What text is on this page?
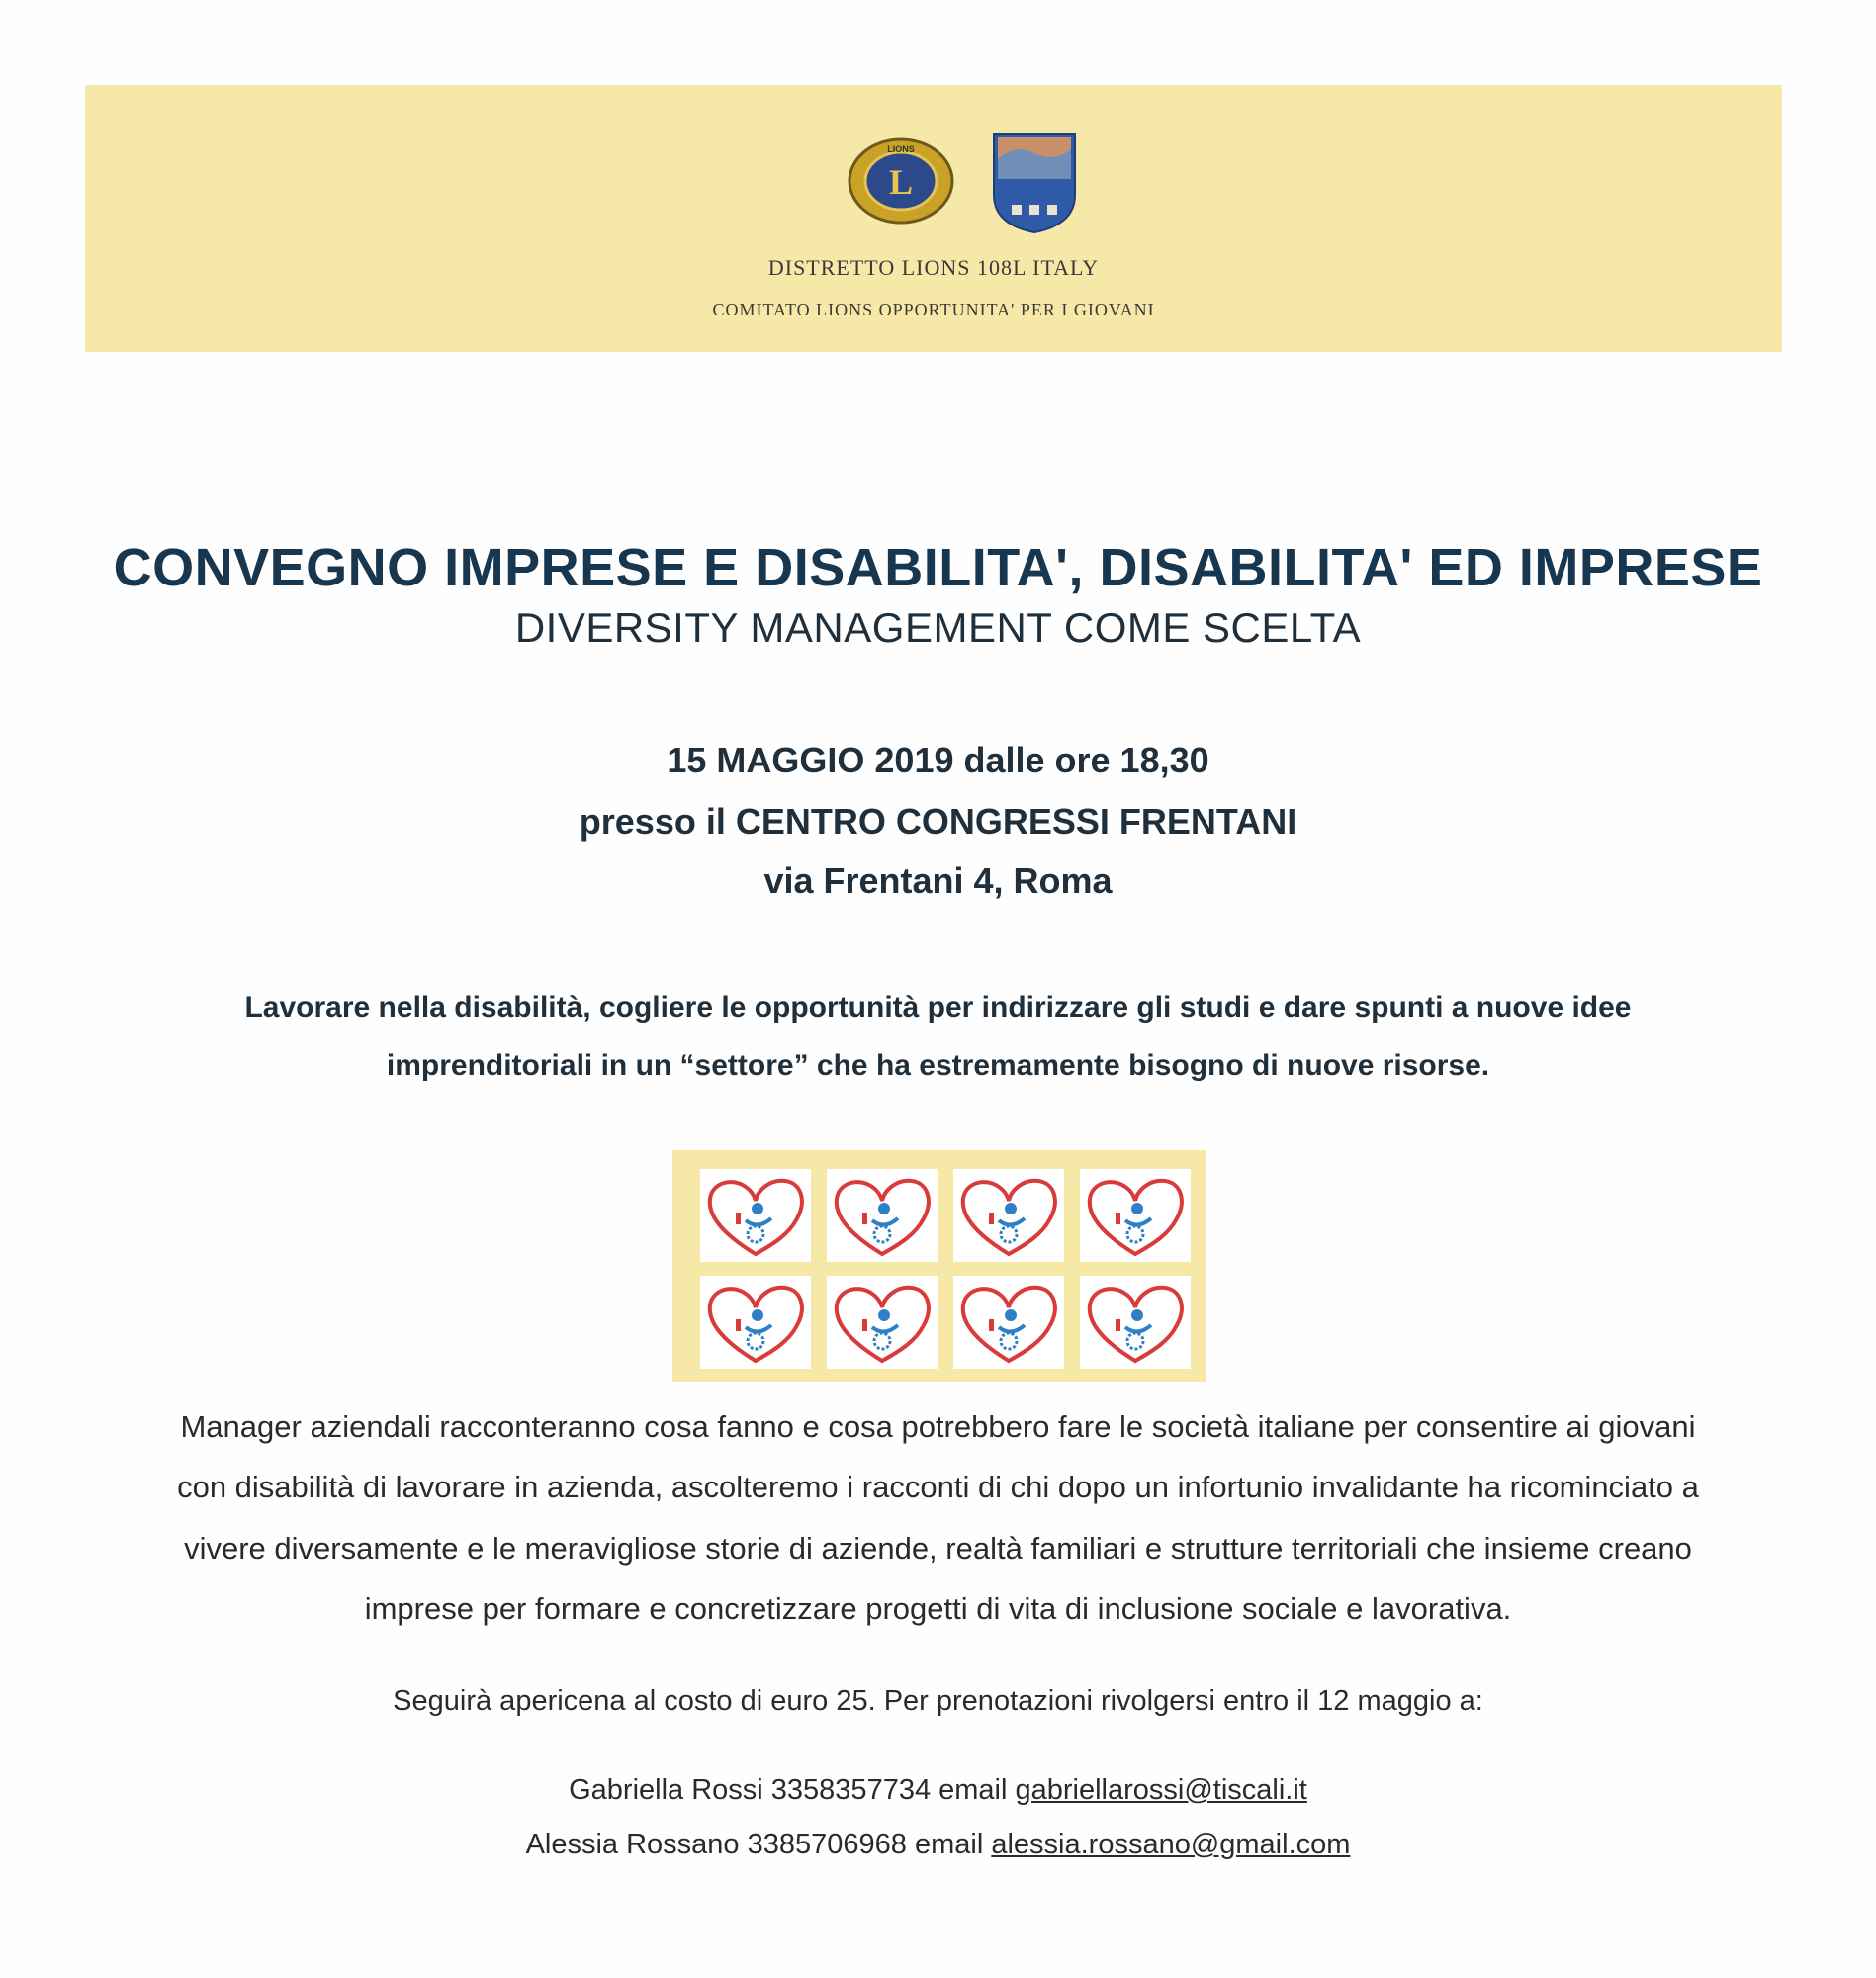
L
LIONS
DISTRETTO LIONS 108L ITALY
COMITATO LIONS OPPORTUNITA' PER I GIOVANI
CONVEGNO IMPRESE E DISABILITA', DISABILITA' ED IMPRESE
DIVERSITY MANAGEMENT COME SCELTA
15 MAGGIO 2019 dalle ore 18,30
presso il CENTRO CONGRESSI FRENTANI
via Frentani 4, Roma
Lavorare nella disabilità, cogliere le opportunità per indirizzare gli studi e dare spunti a nuove idee
imprenditoriali in un “settore” che ha estremamente bisogno di nuove risorse.
Manager aziendali racconteranno cosa fanno e cosa potrebbero fare le società italiane per consentire ai giovani
con disabilità di lavorare in azienda, ascolteremo i racconti di chi dopo un infortunio invalidante ha ricominciato a
vivere diversamente e le meravigliose storie di aziende, realtà familiari e strutture territoriali che insieme creano
imprese per formare e concretizzare progetti di vita di inclusione sociale e lavorativa.
Seguirà apericena al costo di euro 25. Per prenotazioni rivolgersi entro il 12 maggio a:
Gabriella Rossi 3358357734 email gabriellarossi@tiscali.it
Alessia Rossano 3385706968 email alessia.rossano@gmail.com
